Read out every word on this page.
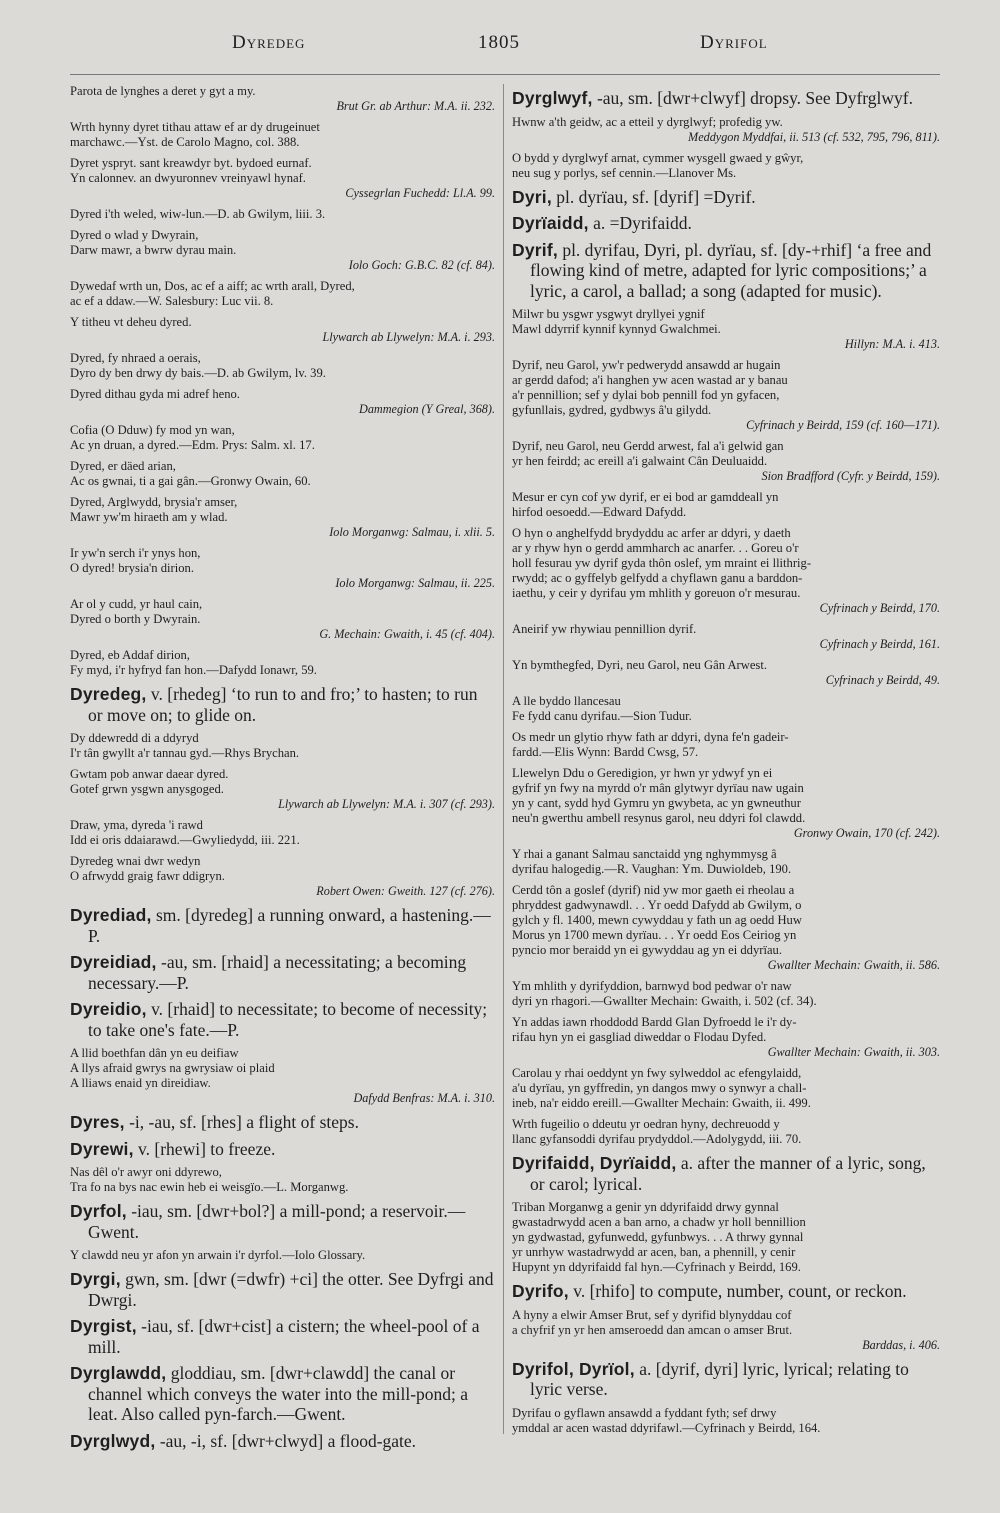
Dyredeg	1805	Dyrifol

Parota de lynghes a deret y gyt a my.

Brut Gr. ab Arthur: M.A. ii. 232.

Wrth hynny dyret tithau attaw ef ar dy drugeinuet

marchawc.—Yst. de Carolo Magno, col. 388.

Dyret yspryt. sant kreawdyr byt. bydoed eurnaf.

Yn calonnev. an dwyuronnev vreinyawl hynaf.

Cyssegrlan Fuchedd: Ll.A. 99.

Dyred i'th weled, wiw-lun.—D. ab Gwilym, liii. 3.

Dyred o wlad y Dwyrain,

Darw mawr, a bwrw dyrau main.

Iolo Goch: G.B.C. 82 (cf. 84).

Dywedaf wrth un, Dos, ac ef a aiff; ac wrth arall, Dyred,

ac ef a ddaw.—W. Salesbury: Luc vii. 8.

Y titheu vt deheu dyred.

Llywarch ab Llywelyn: M.A. i. 293.

Dyred, fy nhraed a oerais,

Dyro dy ben drwy dy bais.—D. ab Gwilym, lv. 39.

Dyred dithau gyda mi adref heno.

Dammegion (Y Greal, 368).

Cofia (O Dduw) fy mod yn wan,

Ac yn druan, a dyred.—Edm. Prys: Salm. xl. 17.

Dyred, er däed arian,

Ac os gwnai, ti a gai gân.—Gronwy Owain, 60.

Dyred, Arglwydd, brysia'r amser,

Mawr yw'm hiraeth am y wlad.

Iolo Morganwg: Salmau, i. xlii. 5.

Ir yw'n serch i'r ynys hon,

O dyred! brysia'n dirion.

Iolo Morganwg: Salmau, ii. 225.

Ar ol y cudd, yr haul cain,

Dyred o borth y Dwyrain.

G. Mechain: Gwaith, i. 45 (cf. 404).

Dyred, eb Addaf dirion,

Fy myd, i'r hyfryd fan hon.—Dafydd Ionawr, 59.

Dyredeg, v. [rhedeg] ‘to run to and fro;’ to hasten; to run or move on; to glide on.

Dy ddewredd di a ddyryd

I'r tân gwyllt a'r tannau gyd.—Rhys Brychan.

Gwtam pob anwar daear dyred.

Gotef grwn ysgwn anysgoged.

Llywarch ab Llywelyn: M.A. i. 307 (cf. 293).

Draw, yma, dyreda 'i rawd

Idd ei oris ddaiarawd.—Gwyliedydd, iii. 221.

Dyredeg wnai dwr wedyn

O afrwydd graig fawr ddigryn.

Robert Owen: Gweith. 127 (cf. 276).

Dyrediad, sm. [dyredeg] a running onward, a hastening.—P.

Dyreidiad, -au, sm. [rhaid] a necessitating; a becoming necessary.—P.

Dyreidio, v. [rhaid] to necessitate; to become of necessity; to take one's fate.—P.

A llid boethfan dân yn eu deifiaw

A llys afraid gwrys na gwrysiaw oi plaid

A lliaws enaid yn direidiaw.

Dafydd Benfras: M.A. i. 310.

Dyres, -i, -au, sf. [rhes] a flight of steps.

Dyrewi, v. [rhewi] to freeze.

Nas dêl o'r awyr oni ddyrewo,

Tra fo na bys nac ewin heb ei weisgïo.—L. Morganwg.

Dyrfol, -iau, sm. [dwr+bol?] a mill-pond; a reservoir.—Gwent.

Y clawdd neu yr afon yn arwain i'r dyrfol.—Iolo Glossary.

Dyrgi, gwn, sm. [dwr (=dwfr) +ci] the otter. See Dyfrgi and Dwrgi.

Dyrgist, -iau, sf. [dwr+cist] a cistern; the wheel-pool of a mill.

Dyrglawdd, gloddiau, sm. [dwr+clawdd] the canal or channel which conveys the water into the mill-pond; a leat. Also called pyn-farch.—Gwent.

Dyrglwyd, -au, -i, sf. [dwr+clwyd] a flood-gate.

Dyrglwyf, -au, sm. [dwr+clwyf] dropsy. See Dyfrglwyf.

Hwnw a'th geidw, ac a etteil y dyrglwyf; profedig yw.

Meddygon Myddfai, ii. 513 (cf. 532, 795, 796, 811).

O bydd y dyrglwyf arnat, cymmer wysgell gwaed y gŵyr,

neu sug y porlys, sef cennin.—Llanover Ms.

Dyri, pl. dyrïau, sf. [dyrif] =Dyrif.

Dyrïaidd, a. =Dyrifaidd.

Dyrif, pl. dyrifau, Dyri, pl. dyrïau, sf. [dy-+rhif] ‘a free and flowing kind of metre, adapted for lyric compositions;’ a lyric, a carol, a ballad; a song (adapted for music).

Milwr bu ysgwr ysgwyt dryllyei ygnif

Mawl ddyrrif kynnif kynnyd Gwalchmei.

Hillyn: M.A. i. 413.

Dyrif, neu Garol, yw'r pedwerydd ansawdd ar hugain

ar gerdd dafod; a'i hanghen yw acen wastad ar y banau

a'r pennillion; sef y dylai bob pennill fod yn gyfacen,

gyfunllais, gydred, gydbwys â'u gilydd.

Cyfrinach y Beirdd, 159 (cf. 160—171).

Dyrif, neu Garol, neu Gerdd arwest, fal a'i gelwid gan

yr hen feirdd; ac ereill a'i galwaint Cân Deuluaidd.

Sion Bradfford (Cyfr. y Beirdd, 159).

Mesur er cyn cof yw dyrif, er ei bod ar gamddeall yn

hirfod oesoedd.—Edward Dafydd.

O hyn o anghelfydd brydyddu ac arfer ar ddyri, y daeth

ar y rhyw hyn o gerdd ammharch ac anarfer. . . Goreu o'r

holl fesurau yw dyrif gyda thôn oslef, ym mraint ei llithrig-

rwydd; ac o gyffelyb gelfydd a chyflawn ganu a barddon-

iaethu, y ceir y dyrifau ym mhlith y goreuon o'r mesurau.

Cyfrinach y Beirdd, 170.

Aneirif yw rhywiau pennillion dyrif.

Cyfrinach y Beirdd, 161.

Yn bymthegfed, Dyri, neu Garol, neu Gân Arwest.

Cyfrinach y Beirdd, 49.

A lle byddo llancesau

Fe fydd canu dyrifau.—Sion Tudur.

Os medr un glytio rhyw fath ar ddyri, dyna fe'n gadeir-

fardd.—Elis Wynn: Bardd Cwsg, 57.

Llewelyn Ddu o Geredigion, yr hwn yr ydwyf yn ei

gyfrif yn fwy na myrdd o'r mân glytwyr dyrïau naw ugain

yn y cant, sydd hyd Gymru yn gwybeta, ac yn gwneuthur

neu'n gwerthu ambell resynus garol, neu ddyri fol clawdd.

Gronwy Owain, 170 (cf. 242).

Y rhai a ganant Salmau sanctaidd yng nghymmysg â

dyrifau halogedig.—R. Vaughan: Ym. Duwioldeb, 190.

Cerdd tôn a goslef (dyrif) nid yw mor gaeth ei rheolau a

phryddest gadwynawdl. . . Yr oedd Dafydd ab Gwilym, o

gylch y fl. 1400, mewn cywyddau y fath un ag oedd Huw

Morus yn 1700 mewn dyrïau. . . Yr oedd Eos Ceiriog yn

pyncio mor beraidd yn ei gywyddau ag yn ei ddyrïau.

Gwallter Mechain: Gwaith, ii. 586.

Ym mhlith y dyrifyddion, barnwyd bod pedwar o'r naw

dyri yn rhagori.—Gwallter Mechain: Gwaith, i. 502 (cf. 34).

Yn addas iawn rhoddodd Bardd Glan Dyfroedd le i'r dy-

rifau hyn yn ei gasgliad diweddar o Flodau Dyfed.

Gwallter Mechain: Gwaith, ii. 303.

Carolau y rhai oeddynt yn fwy sylweddol ac efengylaidd,

a'u dyrïau, yn gyffredin, yn dangos mwy o synwyr a chall-

ineb, na'r eiddo ereill.—Gwallter Mechain: Gwaith, ii. 499.

Wrth fugeilio o ddeutu yr oedran hyny, dechreuodd y

llanc gyfansoddi dyrifau prydyddol.—Adolygydd, iii. 70.

Dyrifaidd, Dyrïaidd, a. after the manner of a lyric, song, or carol; lyrical.

Triban Morganwg a genir yn ddyrifaidd drwy gynnal

gwastadrwydd acen a ban arno, a chadw yr holl bennillion

yn gydwastad, gyfunwedd, gyfunbwys. . . A thrwy gynnal

yr unrhyw wastadrwydd ar acen, ban, a phennill, y cenir

Hupynt yn ddyrifaidd fal hyn.—Cyfrinach y Beirdd, 169.

Dyrifo, v. [rhifo] to compute, number, count, or reckon.

A hyny a elwir Amser Brut, sef y dyrifid blynyddau cof

a chyfrif yn yr hen amseroedd dan amcan o amser Brut.

Barddas, i. 406.

Dyrifol, Dyrïol, a. [dyrif, dyri] lyric, lyrical; relating to lyric verse.

Dyrifau o gyflawn ansawdd a fyddant fyth; sef drwy

ymddal ar acen wastad ddyrifawl.—Cyfrinach y Beirdd, 164.
